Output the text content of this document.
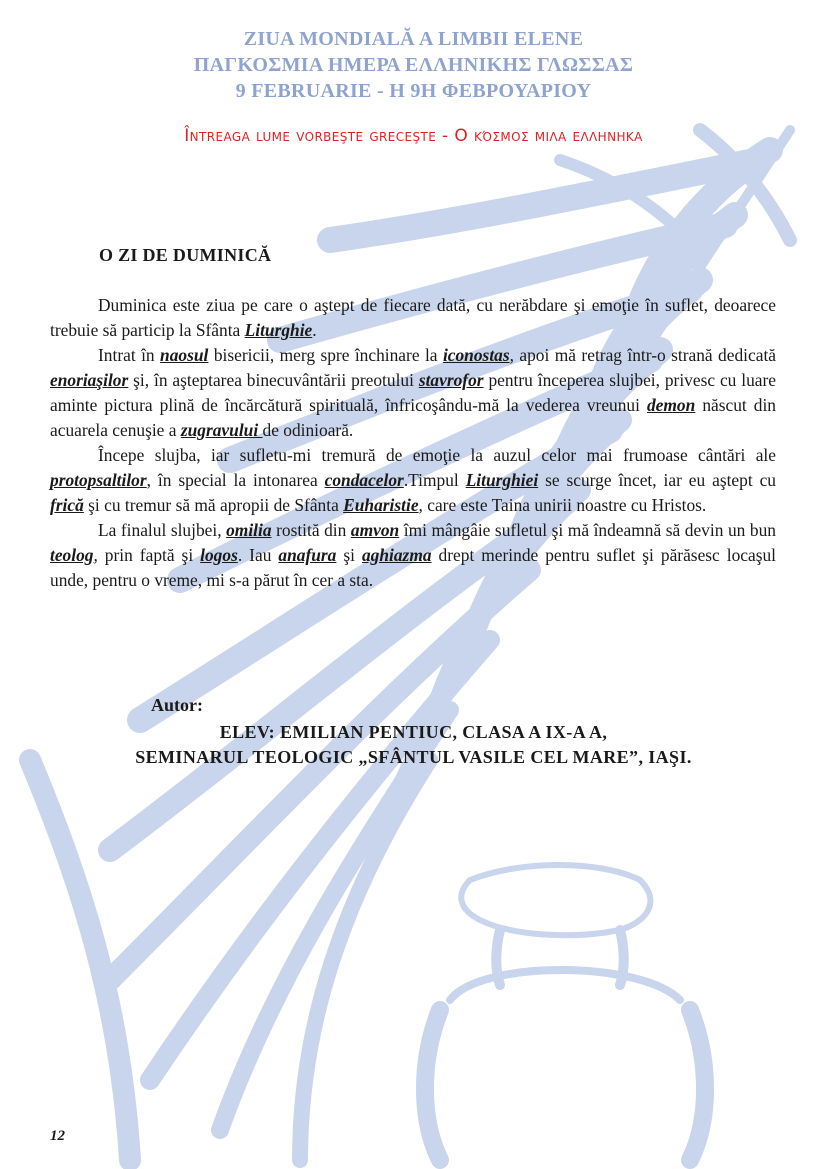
ZIUA MONDIALĂ A LIMBII ELENE
ΠΑΓΚΟΣΜΙΑ ΗΜΕΡΑ ΕΛΛΗΝΙΚΗΣ ΓΛΩΣΣΑΣ
9 FEBRUARIE - Η 9Η ΦΕΒΡΟΥΑΡΙΟΥ
Întreaga lume vorbeşte greceşte - Ο κόσμος μιλα ελληνηκα
O ZI DE DUMINICĂ

Duminica este ziua pe care o aştept de fiecare dată, cu nerăbdare şi emoţie în suflet, deoarece trebuie să particip la Sfânta Liturghie.

Intrat în naosul bisericii, merg spre închinare la iconostas, apoi mă retrag într-o strană dedicată enoriaşilor şi, în aşteptarea binecuvântării preotului stavrofor pentru începerea slujbei, privesc cu luare aminte pictura plină de încărcătură spirituală, înfricoşându-mă la vederea vreunui demon născut din acuarela cenuşie a zugravului de odinioară.

Începe slujba, iar sufletu-mi tremură de emoţie la auzul celor mai frumoase cântări ale protopsaltilor, în special la intonarea condacelor.Timpul Liturghiei se scurge încet, iar eu aştept cu frică şi cu tremur să mă apropii de Sfânta Euharistie, care este Taina unirii noastre cu Hristos.

La finalul slujbei, omilia rostită din amvon îmi mângâie sufletul şi mă îndeamnă să devin un bun teolog, prin faptă şi logos. Iau anafura şi aghiazma drept merinde pentru suflet şi părăsesc locaşul unde, pentru o vreme, mi s-a părut în cer a sta.

Autor:
ELEV: EMILIAN PENTIUC, CLASA A IX-A A,
SEMINARUL TEOLOGIC „SFÂNTUL VASILE CEL MARE”, IAŞI.
12
